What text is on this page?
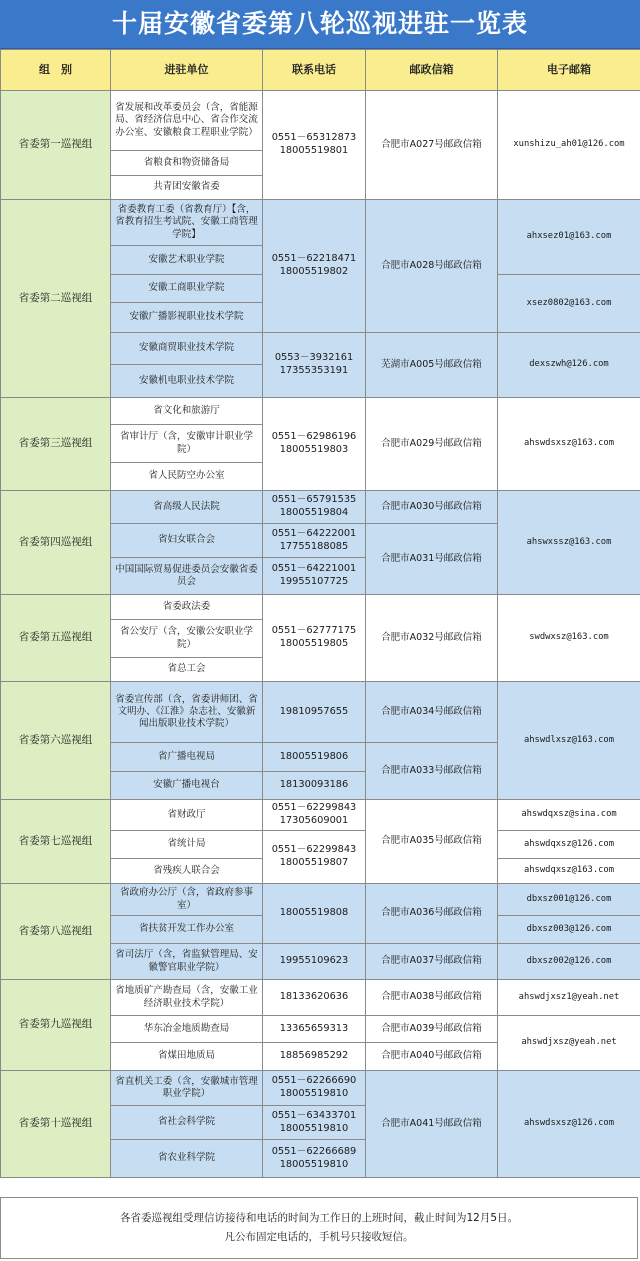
十届安徽省委第八轮巡视进驻一览表
组　别	进驻单位	联系电话	邮政信箱	电子邮箱
省委第一巡视组	省发展和改革委员会（含，省能源局、省经济信息中心、省合作交流办公室、安徽粮食工程职业学院）	0551－65312873 18005519801	合肥市A027号邮政信箱	xunshizu_ah01@126.com
	省粮食和物资储备局			
	共青团安徽省委			
省委第二巡视组	省委教育工委（省教育厅）【含，省教育招生考试院、安徽工商管理学院】	0551－62218471 18005519802	合肥市A028号邮政信箱	ahxsez01@163.com
	安徽艺术职业学院			
	安徽工商职业学院			xsez0802@163.com
	安徽广播影视职业技术学院			
	安徽商贸职业技术学院	0553－3932161 17355353191	芜湖市A005号邮政信箱	dexszwh@126.com
	安徽机电职业技术学院			
省委第三巡视组	省文化和旅游厅	0551－62986196 18005519803	合肥市A029号邮政信箱	ahswdsxsz@163.com
	省审计厅（含，安徽审计职业学院）			
	省人民防空办公室			
省委第四巡视组	省高级人民法院	0551－65791535 18005519804	合肥市A030号邮政信箱	ahswxssz@163.com
	省妇女联合会	0551－64222001 17755188085	合肥市A031号邮政信箱	
	中国国际贸易促进委员会安徽省委员会	0551－64221001 19955107725		
省委第五巡视组	省委政法委	0551－62777175 18005519805	合肥市A032号邮政信箱	swdwxsz@163.com
	省公安厅（含，安徽公安职业学院）			
	省总工会			
省委第六巡视组	省委宣传部（含，省委讲师团、省文明办、《江淮》杂志社、安徽新闻出版职业技术学院）	19810957655	合肥市A034号邮政信箱	ahswdlxsz@163.com
	省广播电视局	18005519806	合肥市A033号邮政信箱	
	安徽广播电视台	18130093186		
省委第七巡视组	省财政厅	0551－62299843 17305609001	合肥市A035号邮政信箱	ahswdqxsz@sina.com
	省统计局	0551－62299843 18005519807		ahswdqxsz@126.com
	省残疾人联合会			ahswdqxsz@163.com
省委第八巡视组	省政府办公厅（含，省政府参事室）	18005519808	合肥市A036号邮政信箱	dbxsz001@126.com
	省扶贫开发工作办公室			dbxsz003@126.com
	省司法厅（含，省监狱管理局、安徽警官职业学院）	19955109623	合肥市A037号邮政信箱	dbxsz002@126.com
省委第九巡视组	省地质矿产勘查局（含，安徽工业经济职业技术学院）	18133620636	合肥市A038号邮政信箱	ahswdjxsz1@yeah.net
	华东冶金地质勘查局	13365659313	合肥市A039号邮政信箱	ahswdjxsz@yeah.net
	省煤田地质局	18856985292	合肥市A040号邮政信箱	
省委第十巡视组	省直机关工委（含，安徽城市管理职业学院）	0551－62266690 18005519810	合肥市A041号邮政信箱	ahswdsxsz@126.com
	省社会科学院	0551－63433701 18005519810		
	省农业科学院	0551－62266689 18005519810		
各省委巡视组受理信访接待和电话的时间为工作日的上班时间，截止时间为12月5日。
凡公布固定电话的，手机号只接收短信。
